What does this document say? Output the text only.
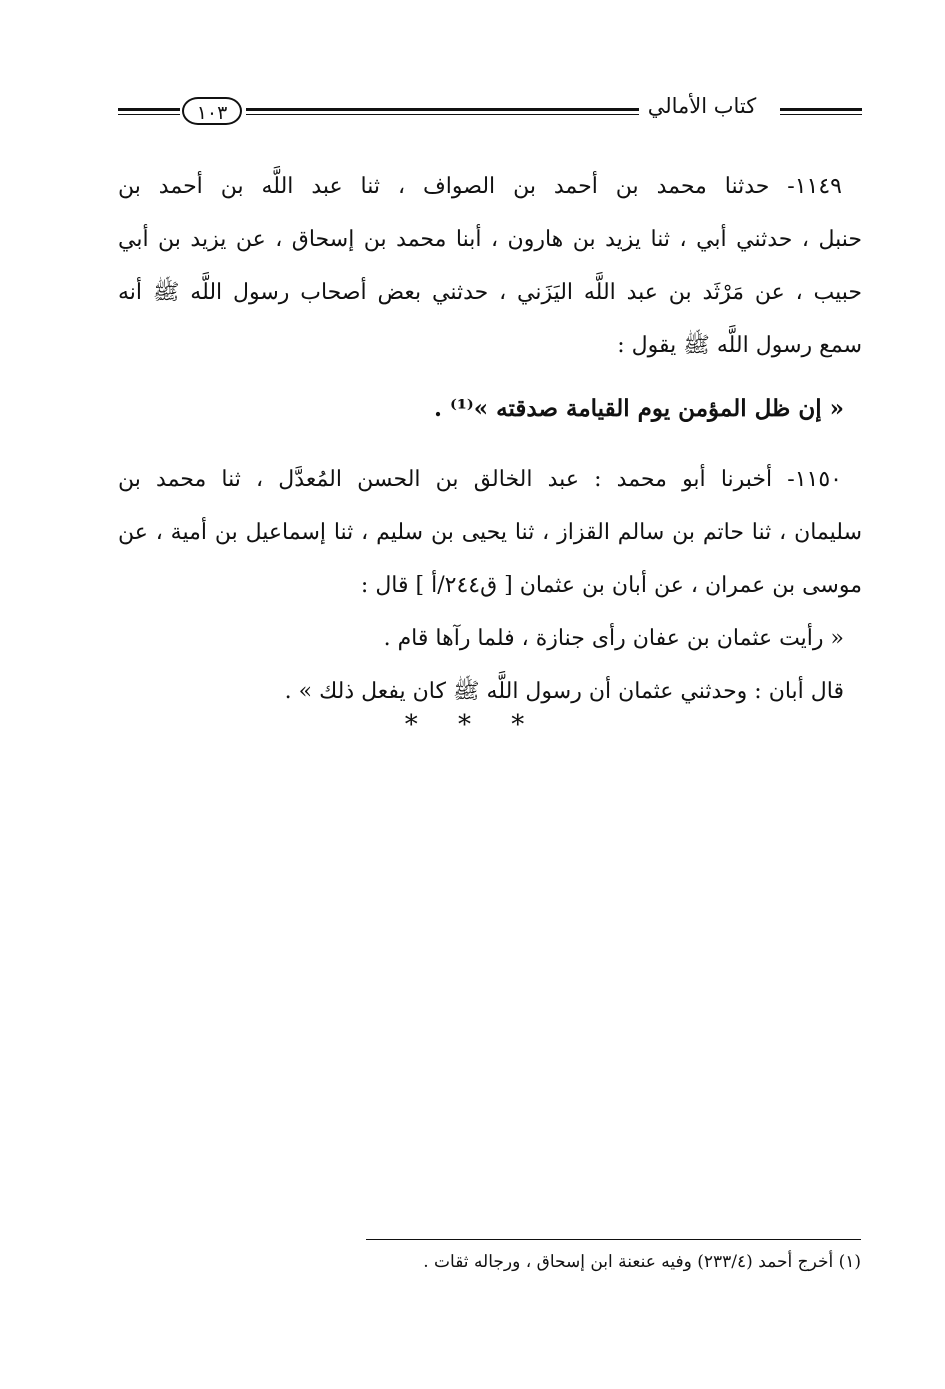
كتاب الأمالي
١٠٣
١١٤٩- حدثنا محمد بن أحمد بن الصواف ، ثنا عبد اللَّه بن أحمد بن
حنبل ، حدثني أبي ، ثنا يزيد بن هارون ، أبنا محمد بن إسحاق ، عن يزيد بن أبي
حبيب ، عن مَرْثَد بن عبد اللَّه اليَزَني ، حدثني بعض أصحاب رسول اللَّه ﷺ أنه
سمع رسول اللَّه ﷺ يقول :
« إن ظل المؤمن يوم القيامة صدقته »⁽¹⁾ .
١١٥٠- أخبرنا أبو محمد : عبد الخالق بن الحسن المُعدَّل ، ثنا محمد بن
سليمان ، ثنا حاتم بن سالم القزاز ، ثنا يحيى بن سليم ، ثنا إسماعيل بن أمية ، عن
موسى بن عمران ، عن أبان بن عثمان [ ق٢٤٤/أ ] قال :
« رأيت عثمان بن عفان رأى جنازة ، فلما رآها قام .
قال أبان : وحدثني عثمان أن رسول اللَّه ﷺ كان يفعل ذلك » .
* * *
(١) أخرج أحمد (٢٣٣/٤) وفيه عنعنة ابن إسحاق ، ورجاله ثقات .
